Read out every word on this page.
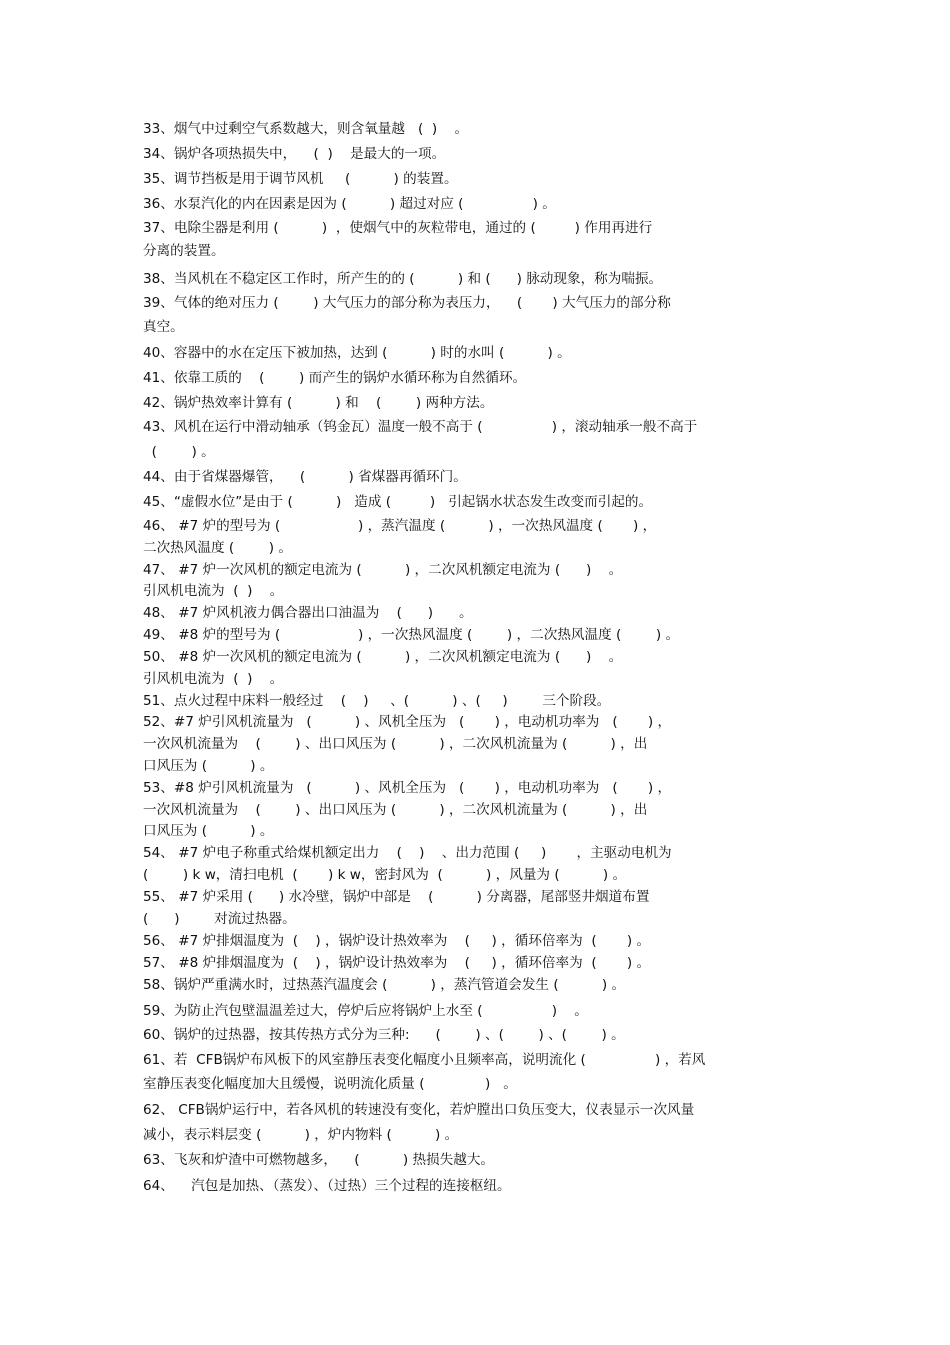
33、烟气中过剩空气系数越大，则含氧量越   (  )    。
34、锅炉各项热损失中，    (  )    是最大的一项。
35、调节挡板是用于调节风机     (          ) 的装置。
36、水泵汽化的内在因素是因为 (          ) 超过对应 (                ) 。
37、电除尘器是利用 (          )  ，使烟气中的灰粒带电，通过的 (         ) 作用再进行
分离的装置。
38、当风机在不稳定区工作时，所产生的的 (          ) 和 (      ) 脉动现象，称为喘振。
39、气体的绝对压力 (        ) 大气压力的部分称为表压力，    (       ) 大气压力的部分称
真空。
40、容器中的水在定压下被加热，达到 (          ) 时的水叫 (          ) 。
41、依靠工质的    (        ) 而产生的锅炉水循环称为自然循环。
42、锅炉热效率计算有 (          ) 和    (        ) 两种方法。
43、风机在运行中滑动轴承（钨金瓦）温度一般不高于 (                ) ，滚动轴承一般不高于
(        ) 。
44、由于省煤器爆管，    (          ) 省煤器再循环门。
45、“虚假水位”是由于 (          )   造成 (         )   引起锅水状态发生改变而引起的。
46、 #7 炉的型号为 (                  ) ，蒸汽温度 (          ) ，一次热风温度 (       ) ，
二次热风温度 (        ) 。
47、 #7 炉一次风机的额定电流为 (          ) ，二次风机额定电流为 (      )    。
引风机电流为  (  )    。
48、 #7 炉风机液力偶合器出口油温为    (      )      。
49、 #8 炉的型号为 (                  ) ，一次热风温度 (        ) ，二次热风温度 (        ) 。
50、 #8 炉一次风机的额定电流为 (          ) ，二次风机额定电流为 (      )    。
引风机电流为  (  )    。
51、点火过程中床料一般经过    (    )     、(          ) 、(     )        三个阶段。
52、#7 炉引风机流量为   (          ) 、风机全压为   (       ) ，电动机功率为   (       ) ，
一次风机流量为    (        ) 、出口风压为 (          ) ，二次风机流量为 (          ) ，出
口风压为 (          ) 。
53、#8 炉引风机流量为   (          ) 、风机全压为   (       ) ，电动机功率为   (       ) ，
一次风机流量为    (        ) 、出口风压为 (          ) ，二次风机流量为 (          ) ，出
口风压为 (          ) 。
54、 #7 炉电子称重式给煤机额定出力    (    )    、出力范围 (     )       ，主驱动电机为
(        ) k w，清扫电机  (       ) k w，密封风为  (          ) ，风量为 (          ) 。
55、 #7 炉采用 (      ) 水冷壁，锅炉中部是    (          ) 分离器，尾部竖井烟道布置
(      )        对流过热器。
56、 #7 炉排烟温度为  (    ) ，锅炉设计热效率为    (     ) ，循环倍率为  (       ) 。
57、 #8 炉排烟温度为  (    ) ，锅炉设计热效率为    (     ) ，循环倍率为  (       ) 。
58、锅炉严重满水时，过热蒸汽温度会 (          ) ，蒸汽管道会发生 (          ) 。
59、为防止汽包壁温温差过大，停炉后应将锅炉上水至 (                )    。
60、锅炉的过热器，按其传热方式分为三种:      (        ) 、(        ) 、(        ) 。
61、若  CFB锅炉布风板下的风室静压表变化幅度小且频率高，说明流化 (                ) ，若风
室静压表变化幅度加大且缓慢，说明流化质量 (              )   。
62、 CFB锅炉运行中，若各风机的转速没有变化，若炉膛出口负压变大，仪表显示一次风量
减小，表示料层变 (          ) ，炉内物料 (          ) 。
63、飞灰和炉渣中可燃物越多，    (          ) 热损失越大。
64、    汽包是加热、（蒸发）、（过热）三个过程的连接枢纽。
